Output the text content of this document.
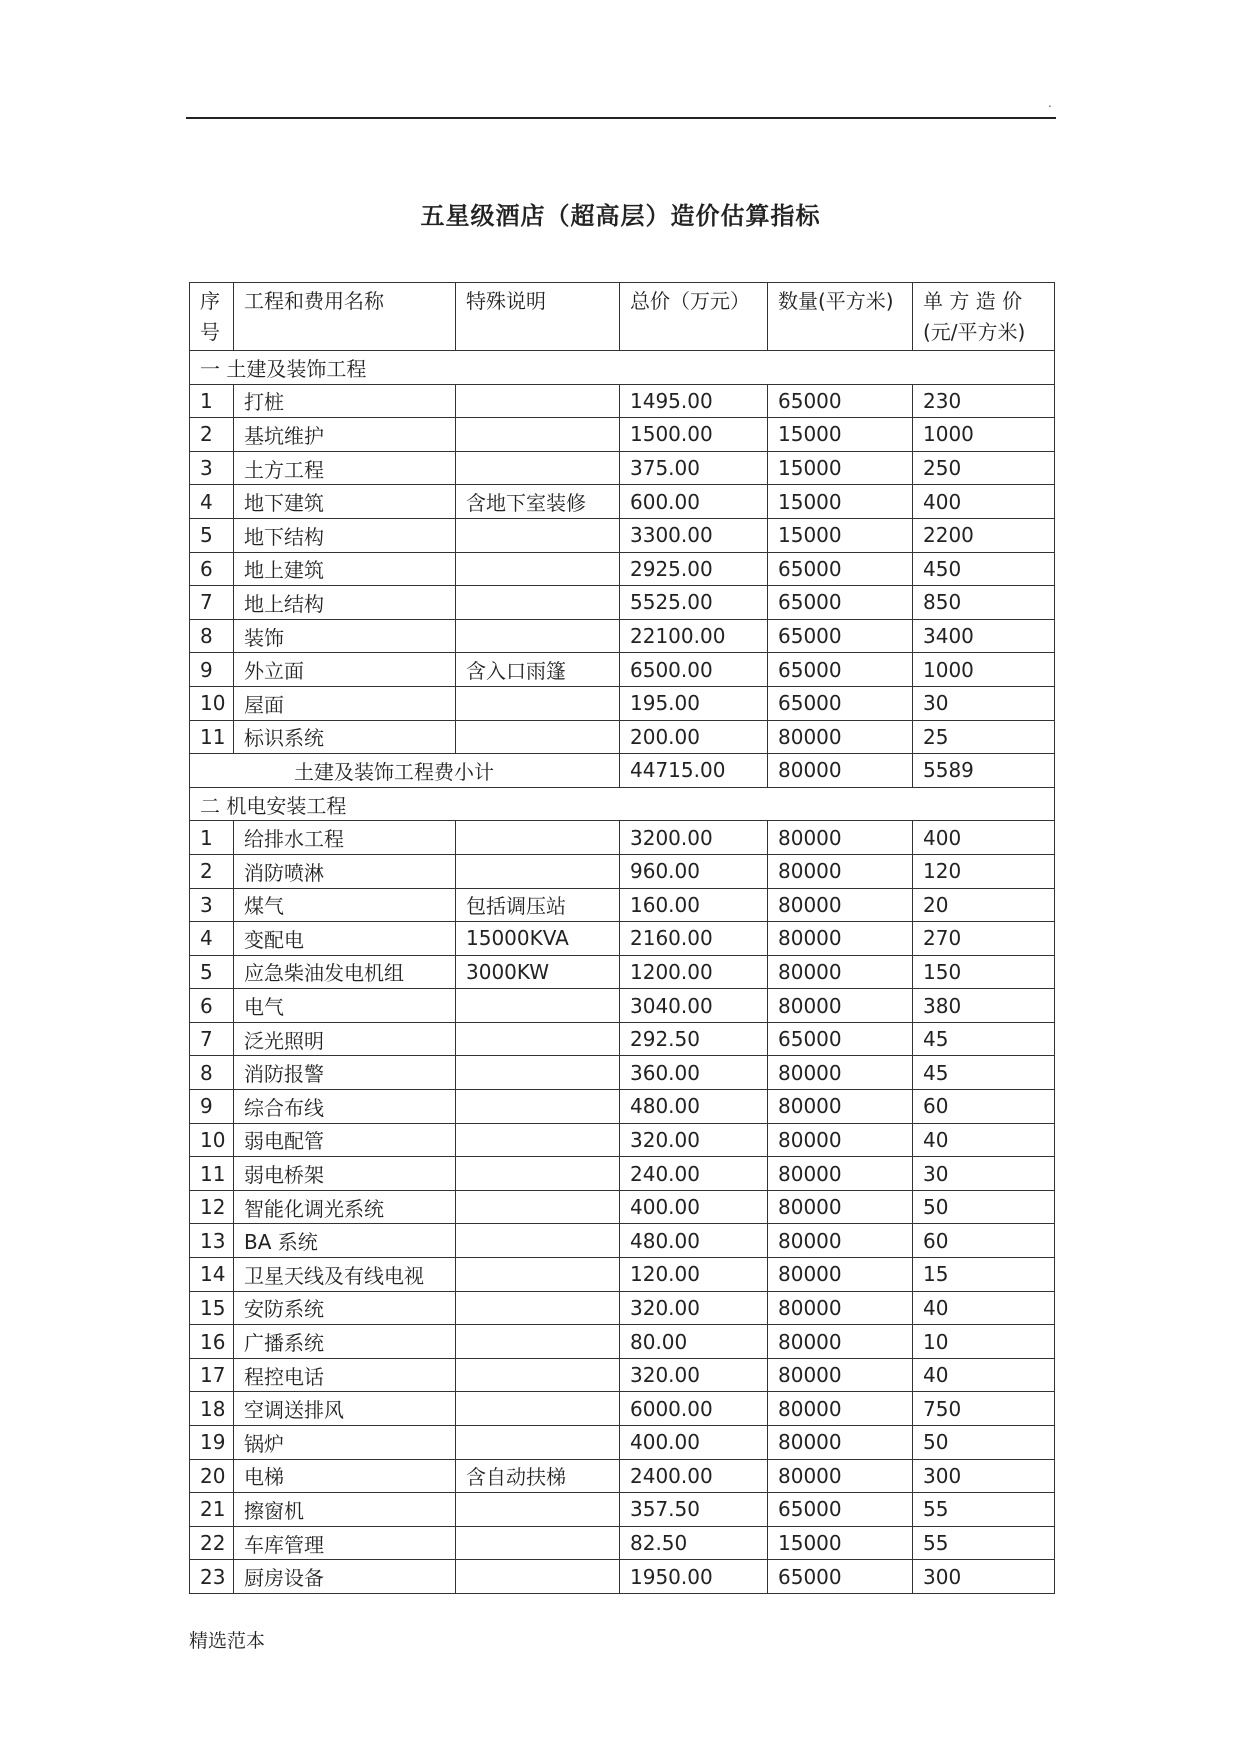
.
五星级酒店（超高层）造价估算指标
序号	工程和费用名称	特殊说明	总价（万元）	数量(平方米)	单 方 造 价 (元/平方米)
一 土建及装饰工程					
1	打桩		1495.00	65000	230
2	基坑维护		1500.00	15000	1000
3	土方工程		375.00	15000	250
4	地下建筑	含地下室装修	600.00	15000	400
5	地下结构		3300.00	15000	2200
6	地上建筑		2925.00	65000	450
7	地上结构		5525.00	65000	850
8	装饰		22100.00	65000	3400
9	外立面	含入口雨篷	6500.00	65000	1000
10	屋面		195.00	65000	30
11	标识系统		200.00	80000	25
土建及装饰工程费小计			44715.00	80000	5589
二 机电安装工程					
1	给排水工程		3200.00	80000	400
2	消防喷淋		960.00	80000	120
3	煤气	包括调压站	160.00	80000	20
4	变配电	15000KVA	2160.00	80000	270
5	应急柴油发电机组	3000KW	1200.00	80000	150
6	电气		3040.00	80000	380
7	泛光照明		292.50	65000	45
8	消防报警		360.00	80000	45
9	综合布线		480.00	80000	60
10	弱电配管		320.00	80000	40
11	弱电桥架		240.00	80000	30
12	智能化调光系统		400.00	80000	50
13	BA 系统		480.00	80000	60
14	卫星天线及有线电视		120.00	80000	15
15	安防系统		320.00	80000	40
16	广播系统		80.00	80000	10
17	程控电话		320.00	80000	40
18	空调送排风		6000.00	80000	750
19	锅炉		400.00	80000	50
20	电梯	含自动扶梯	2400.00	80000	300
21	擦窗机		357.50	65000	55
22	车库管理		82.50	15000	55
23	厨房设备		1950.00	65000	300
精选范本
